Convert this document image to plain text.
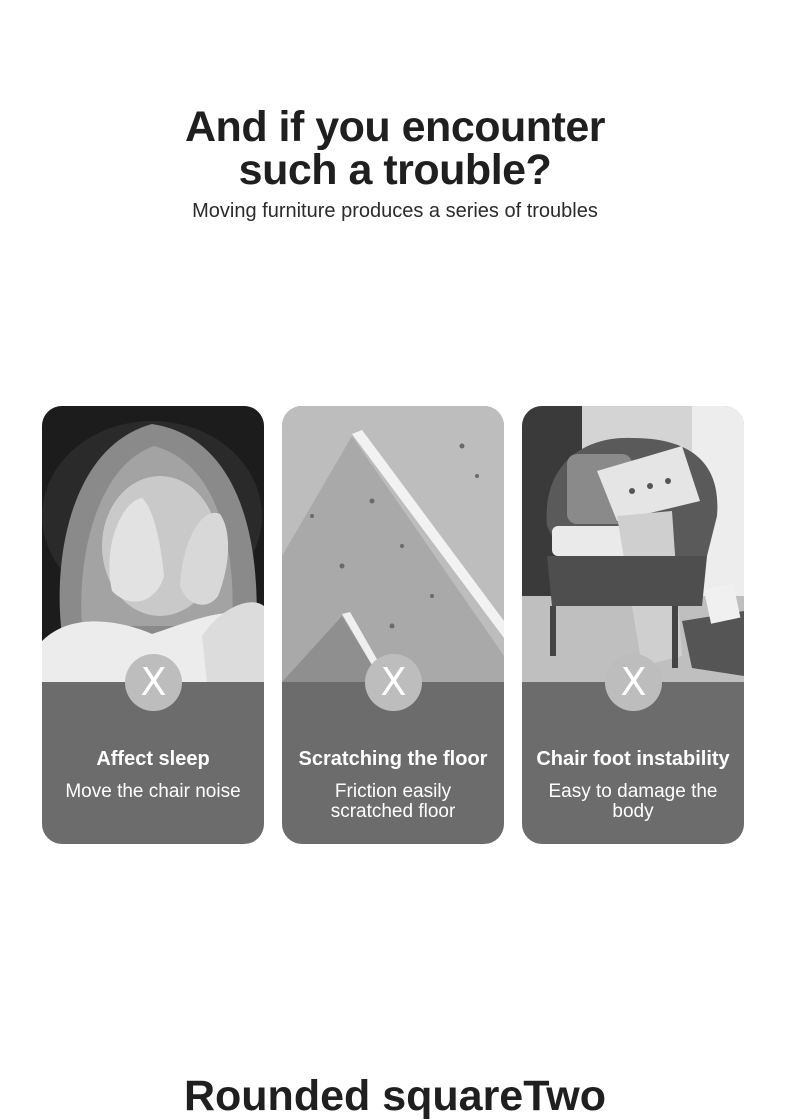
And if you encounter
such a trouble?
Moving furniture produces a series of troubles
X
Affect sleep
Move the chair noise
X
Scratching the floor
Friction easily scratched floor
X
Chair foot instability
Easy to damage the body
Rounded squareTwo
